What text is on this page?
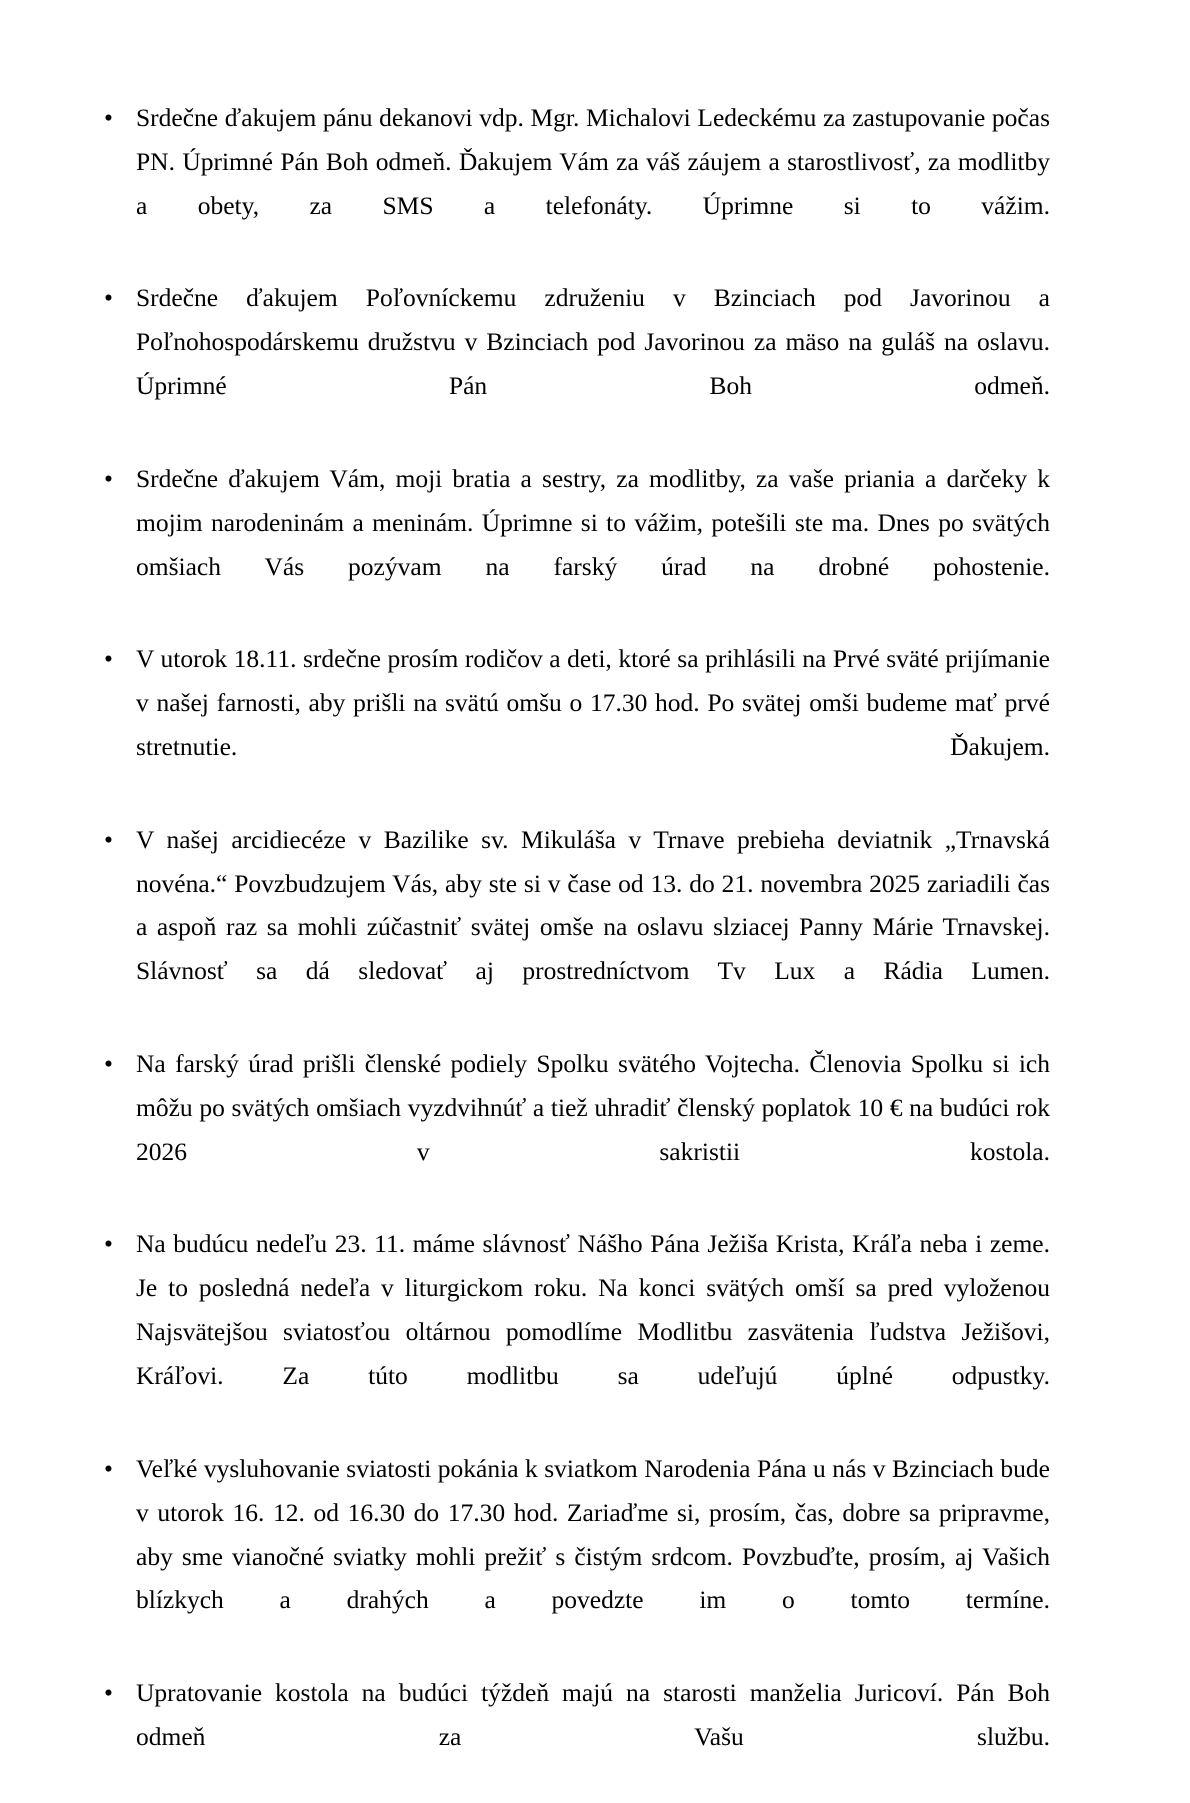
• Srdečne ďakujem pánu dekanovi vdp. Mgr. Michalovi Ledeckému za zastupovanie počas PN. Úprimné Pán Boh odmeň. Ďakujem Vám za váš záujem a starostlivosť, za modlitby a obety, za SMS a telefonáty. Úprimne si to vážim.
• Srdečne ďakujem Poľovníckemu združeniu v Bzinciach pod Javorinou a Poľnohospodárskemu družstvu v Bzinciach pod Javorinou za mäso na guláš na oslavu. Úprimné Pán Boh odmeň.
• Srdečne ďakujem Vám, moji bratia a sestry, za modlitby, za vaše priania a darčeky k mojim narodeninám a meninám. Úprimne si to vážim, potešili ste ma. Dnes po svätých omšiach Vás pozývam na farský úrad na drobné pohostenie.
• V utorok 18.11. srdečne prosím rodičov a deti, ktoré sa prihlásili na Prvé sväté prijímanie v našej farnosti, aby prišli na svätú omšu o 17.30 hod. Po svätej omši budeme mať prvé stretnutie. Ďakujem.
• V našej arcidiecéze v Bazilike sv. Mikuláša v Trnave prebieha deviatnik „Trnavská novéna.“ Povzbudzujem Vás, aby ste si v čase od 13. do 21. novembra 2025 zariadili čas a aspoň raz sa mohli zúčastniť svätej omše na oslavu slziacej Panny Márie Trnavskej. Slávnosť sa dá sledovať aj prostredníctvom Tv Lux a Rádia Lumen.
• Na farský úrad prišli členské podiely Spolku svätého Vojtecha. Členovia Spolku si ich môžu po svätých omšiach vyzdvihnúť a tiež uhradiť členský poplatok 10 € na budúci rok 2026 v sakristii kostola.
• Na budúcu nedeľu 23. 11. máme slávnosť Nášho Pána Ježiša Krista, Kráľa neba i zeme. Je to posledná nedeľa v liturgickom roku. Na konci svätých omší sa pred vyloženou Najsvätejšou sviatosťou oltárnou pomodlíme Modlitbu zasvätenia ľudstva Ježišovi, Kráľovi. Za túto modlitbu sa udeľujú úplné odpustky.
• Veľké vysluhovanie sviatosti pokánia k sviatkom Narodenia Pána u nás v Bzinciach bude v utorok 16. 12. od 16.30 do 17.30 hod. Zariaďme si, prosím, čas, dobre sa pripravme, aby sme vianočné sviatky mohli prežiť s čistým srdcom. Povzbuďte, prosím, aj Vašich blízkych a drahých a povedzte im o tomto termíne.
• Upratovanie kostola na budúci týždeň majú na starosti manželia Juricoví. Pán Boh odmeň za Vašu službu.
